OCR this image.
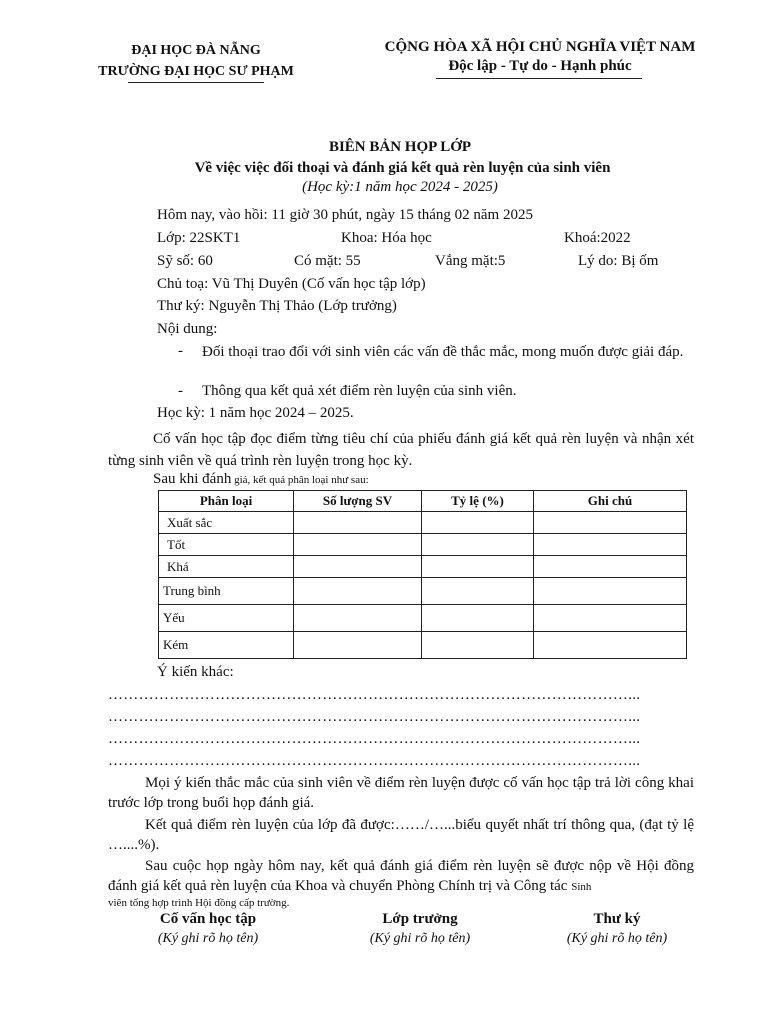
ĐẠI HỌC ĐÀ NẴNG
TRƯỜNG ĐẠI HỌC SƯ PHẠM
CỘNG HÒA XÃ HỘI CHỦ NGHĨA VIỆT NAM
Độc lập - Tự do - Hạnh phúc
BIÊN BẢN HỌP LỚP
Về việc việc đối thoại và đánh giá kết quả rèn luyện của sinh viên
(Học kỳ:1 năm học 2024 - 2025)
Hôm nay, vào hồi: 11 giờ 30 phút, ngày 15 tháng 02 năm 2025
Lớp: 22SKT1	Khoa: Hóa học	Khoá:2022
Sỹ số: 60	Có mặt: 55	Vắng mặt:5	Lý do: Bị ốm
Chủ toạ: Vũ Thị Duyên (Cố vấn học tập lớp)
Thư ký: Nguyễn Thị Thảo (Lớp trưởng)
Nội dung:
- Đối thoại trao đổi với sinh viên các vấn đề thắc mắc, mong muốn được giải đáp.
- Thông qua kết quả xét điểm rèn luyện của sinh viên.
Học kỳ: 1 năm học 2024 – 2025.
Cố vấn học tập đọc điểm từng tiêu chí của phiếu đánh giá kết quả rèn luyện và nhận xét từng sinh viên về quá trình rèn luyện trong học kỳ.
Sau khi đánh giá, kết quả phân loại như sau:
Phân loại	Số lượng SV	Tỷ lệ (%)	Ghi chú
Xuất sắc			
Tốt			
Khá			
Trung bình			
Yếu			
Kém			
Ý kiến khác:
…………………………………………………………………………………………...
…………………………………………………………………………………………...
…………………………………………………………………………………………...
…………………………………………………………………………………………...
Mọi ý kiến thắc mắc của sinh viên về điểm rèn luyện được cố vấn học tập trả lời công khai trước lớp trong buổi họp đánh giá.
Kết quả điểm rèn luyện của lớp đã được:……/…...biểu quyết nhất trí thông qua, (đạt tỷ lệ …....%).
Sau cuộc họp ngày hôm nay, kết quả đánh giá điểm rèn luyện sẽ được nộp về Hội đồng đánh giá kết quả rèn luyện của Khoa và chuyển Phòng Chính trị và Công tác Sinh
viên tổng hợp trình Hội đồng cấp trường.
Cố vấn học tập
(Ký ghi rõ họ tên)
Lớp trưởng
(Ký ghi rõ họ tên)
Thư ký
(Ký ghi rõ họ tên)
